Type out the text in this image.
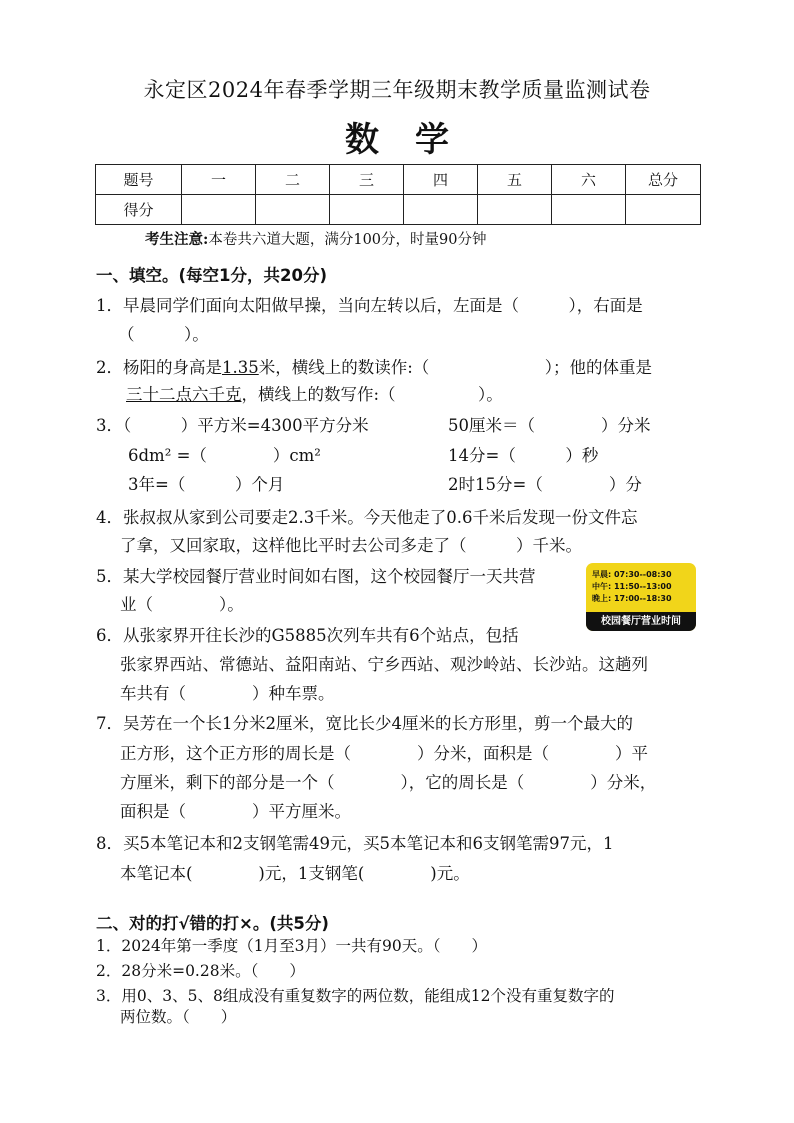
永定区2024年春季学期三年级期末教学质量监测试卷
数学
题号	一	二	三	四	五	六	总分
得分							
考生注意:本卷共六道大题，满分100分，时量90分钟
一、填空。(每空1分，共20分)
1．早晨同学们面向太阳做早操，当向左转以后，左面是（　　　），右面是
（　　　）。
2．杨阳的身高是1.35米，横线上的数读作:（　　　　　　　）；他的体重是
三十二点六千克，横线上的数写作:（　　　　　）。
3．（　　　）平方米=4300平方分米	50厘米＝（　　　　）分米
6dm² =（　　　　）cm²	14分=（　　　）秒
3年=（　　　）个月	2时15分=（　　　　）分
4．张叔叔从家到公司要走2.3千米。今天他走了0.6千米后发现一份文件忘
了拿，又回家取，这样他比平时去公司多走了（　　　）千米。
5．某大学校园餐厅营业时间如右图，这个校园餐厅一天共营
业（　　　　）。
早晨: 07:30--08:30
中午: 11:50--13:00
晚上: 17:00--18:30
校园餐厅营业时间
6．从张家界开往长沙的G5885次列车共有6个站点，包括
张家界西站、常德站、益阳南站、宁乡西站、观沙岭站、长沙站。这趟列
车共有（　　　　）种车票。
7．吴芳在一个长1分米2厘米，宽比长少4厘米的长方形里，剪一个最大的
正方形，这个正方形的周长是（　　　　）分米，面积是（　　　　）平
方厘米，剩下的部分是一个（　　　　），它的周长是（　　　　）分米，
面积是（　　　　）平方厘米。
8．买5本笔记本和2支钢笔需49元，买5本笔记本和6支钢笔需97元，1
本笔记本(　　　　)元，1支钢笔(　　　　)元。
二、对的打√错的打×。(共5分)
1．2024年第一季度（1月至3月）一共有90天。（　　）
2．28分米=0.28米。（　　）
3．用0、3、5、8组成没有重复数字的两位数，能组成12个没有重复数字的
两位数。（　　）
